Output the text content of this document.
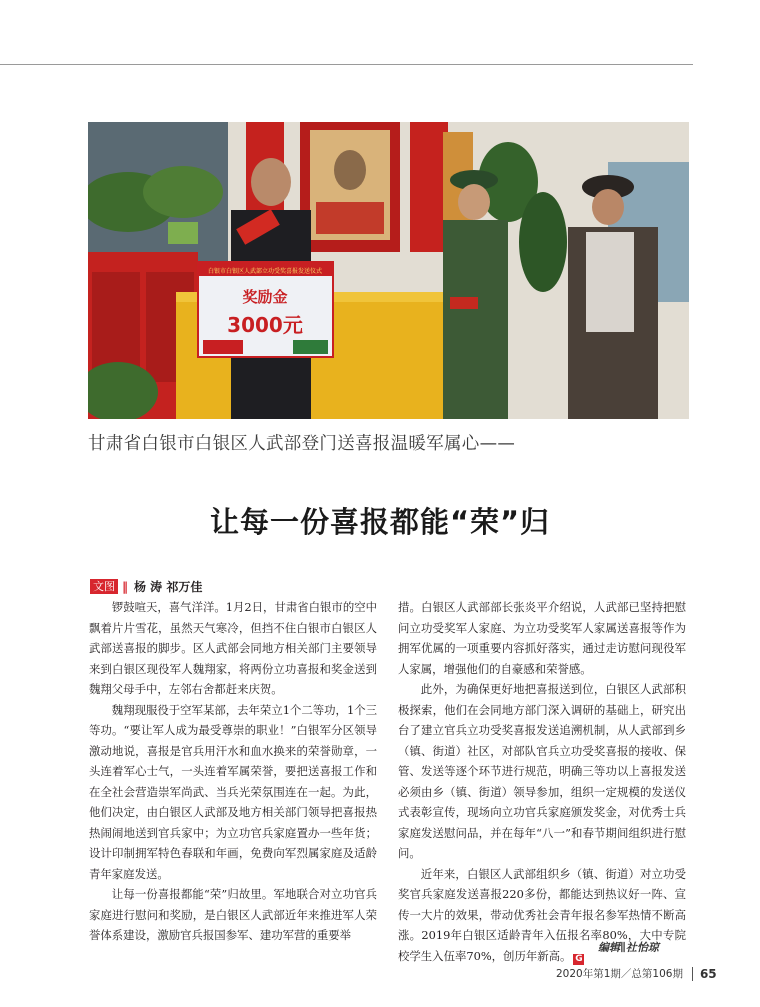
白银市白银区人武部立功受奖喜报发送仪式
奖励金
3000元
甘肃省白银市白银区人武部登门送喜报温暖军属心——
让每一份喜报都能“荣”归
文图 ‖ 杨 涛 祁万佳

锣鼓喧天，喜气洋洋。1月2日，甘肃省白银市的空中飘着片片雪花，虽然天气寒冷，但挡不住白银市白银区人武部送喜报的脚步。区人武部会同地方相关部门主要领导来到白银区现役军人魏翔家，将两份立功喜报和奖金送到魏翔父母手中，左邻右舍都赶来庆贺。

魏翔现服役于空军某部，去年荣立1个二等功，1个三等功。“要让军人成为最受尊崇的职业！”白银军分区领导激动地说，喜报是官兵用汗水和血水换来的荣誉勋章，一头连着军心士气，一头连着军属荣誉，要把送喜报工作和在全社会营造崇军尚武、当兵光荣氛围连在一起。为此，他们决定，由白银区人武部及地方相关部门领导把喜报热热闹闹地送到官兵家中；为立功官兵家庭置办一些年货；设计印制拥军特色春联和年画，免费向军烈属家庭及适龄青年家庭发送。

让每一份喜报都能“荣”归故里。军地联合对立功官兵家庭进行慰问和奖励，是白银区人武部近年来推进军人荣誉体系建设，激励官兵报国参军、建功军营的重要举

措。白银区人武部部长张炎平介绍说，人武部已坚持把慰问立功受奖军人家庭、为立功受奖军人家属送喜报等作为拥军优属的一项重要内容抓好落实，通过走访慰问现役军人家属，增强他们的自豪感和荣誉感。

此外，为确保更好地把喜报送到位，白银区人武部积极探索，他们在会同地方部门深入调研的基础上，研究出台了建立官兵立功受奖喜报发送追溯机制，从人武部到乡（镇、街道）社区，对部队官兵立功受奖喜报的接收、保管、发送等逐个环节进行规范，明确三等功以上喜报发送必须由乡（镇、街道）领导参加，组织一定规模的发送仪式表彰宣传，现场向立功官兵家庭颁发奖金，对优秀士兵家庭发送慰问品，并在每年“八一”和春节期间组织进行慰问。

近年来，白银区人武部组织乡（镇、街道）对立功受奖官兵家庭发送喜报220多份，都能达到热议好一阵、宣传一大片的效果，带动优秀社会青年报名参军热情不断高涨。2019年白银区适龄青年入伍报名率80%，大中专院校学生入伍率70%，创历年新高。 G

编辑∥社怡琼
2020年第1期／总第106期 65
